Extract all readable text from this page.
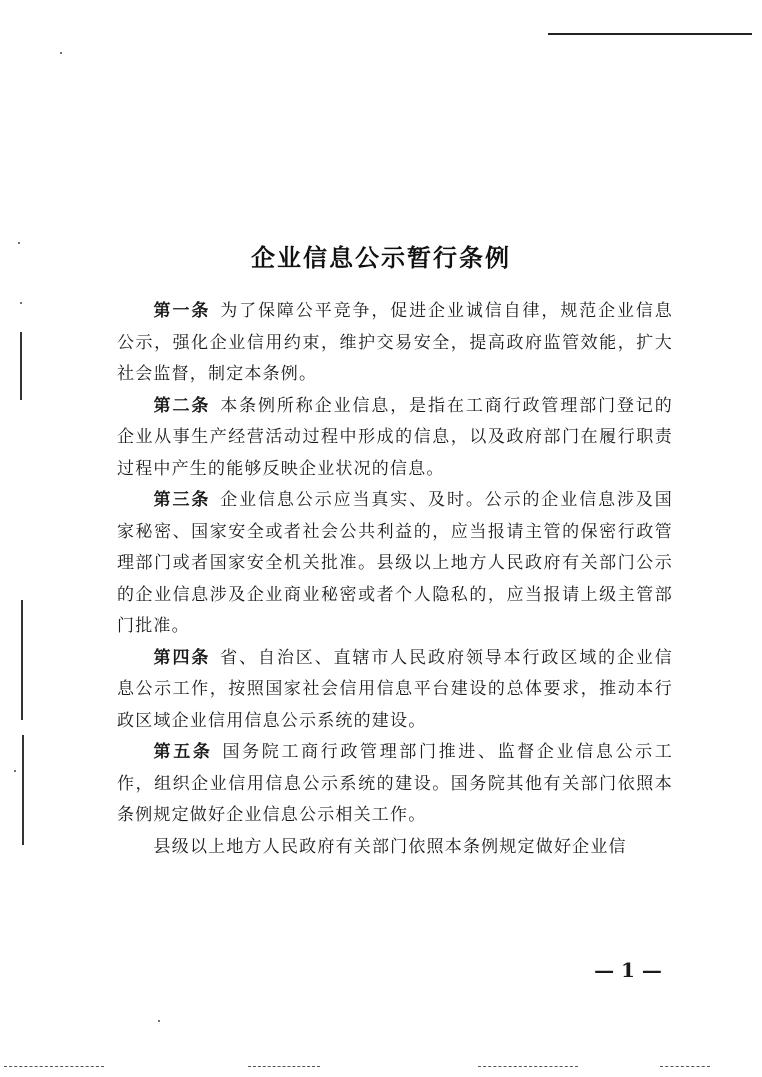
企业信息公示暂行条例

第一条 为了保障公平竞争，促进企业诚信自律，规范企业信息公示，强化企业信用约束，维护交易安全，提高政府监管效能，扩大社会监督，制定本条例。

第二条 本条例所称企业信息，是指在工商行政管理部门登记的企业从事生产经营活动过程中形成的信息，以及政府部门在履行职责过程中产生的能够反映企业状况的信息。

第三条 企业信息公示应当真实、及时。公示的企业信息涉及国家秘密、国家安全或者社会公共利益的，应当报请主管的保密行政管理部门或者国家安全机关批准。县级以上地方人民政府有关部门公示的企业信息涉及企业商业秘密或者个人隐私的，应当报请上级主管部门批准。

第四条 省、自治区、直辖市人民政府领导本行政区域的企业信息公示工作，按照国家社会信用信息平台建设的总体要求，推动本行政区域企业信用信息公示系统的建设。

第五条 国务院工商行政管理部门推进、监督企业信息公示工作，组织企业信用信息公示系统的建设。国务院其他有关部门依照本条例规定做好企业信息公示相关工作。

县级以上地方人民政府有关部门依照本条例规定做好企业信

— 1 —
